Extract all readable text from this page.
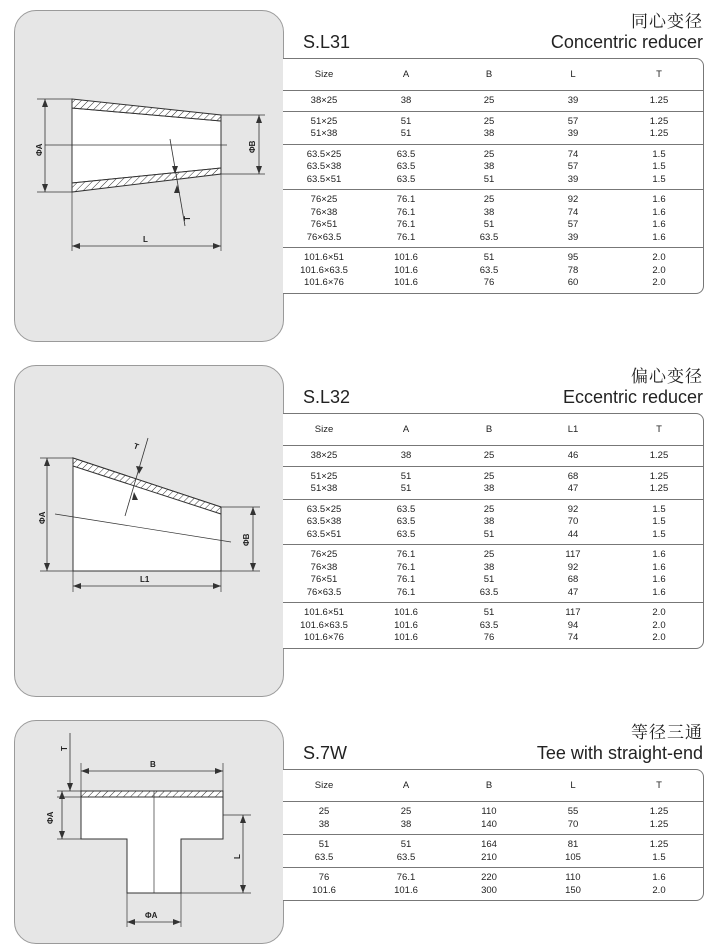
ΦA	ΦB
T
L
同心变径
S.L31	Concentric reducer
Size	A	B	L	T
38×25	38	25	39	1.25
51×25	51	25	57	1.25
51×38	51	38	39	1.25
63.5×25	63.5	25	74	1.5
63.5×38	63.5	38	57	1.5
63.5×51	63.5	51	39	1.5
76×25	76.1	25	92	1.6
76×38	76.1	38	74	1.6
76×51	76.1	51	57	1.6
76×63.5	76.1	63.5	39	1.6
101.6×51	101.6	51	95	2.0
101.6×63.5	101.6	63.5	78	2.0
101.6×76	101.6	76	60	2.0
ΦA
ΦB
T
L1
偏心变径
S.L32	Eccentric reducer
Size	A	B	L1	T
38×25	38	25	46	1.25
51×25	51	25	68	1.25
51×38	51	38	47	1.25
63.5×25	63.5	25	92	1.5
63.5×38	63.5	38	70	1.5
63.5×51	63.5	51	44	1.5
76×25	76.1	25	117	1.6
76×38	76.1	38	92	1.6
76×51	76.1	51	68	1.6
76×63.5	76.1	63.5	47	1.6
101.6×51	101.6	51	117	2.0
101.6×63.5	101.6	63.5	94	2.0
101.6×76	101.6	76	74	2.0
T
ΦA
B
L
ΦA
等径三通
S.7W	Tee with straight-end
Size	A	B	L	T
25	25	110	55	1.25
38	38	140	70	1.25
51	51	164	81	1.25
63.5	63.5	210	105	1.5
76	76.1	220	110	1.6
101.6	101.6	300	150	2.0
